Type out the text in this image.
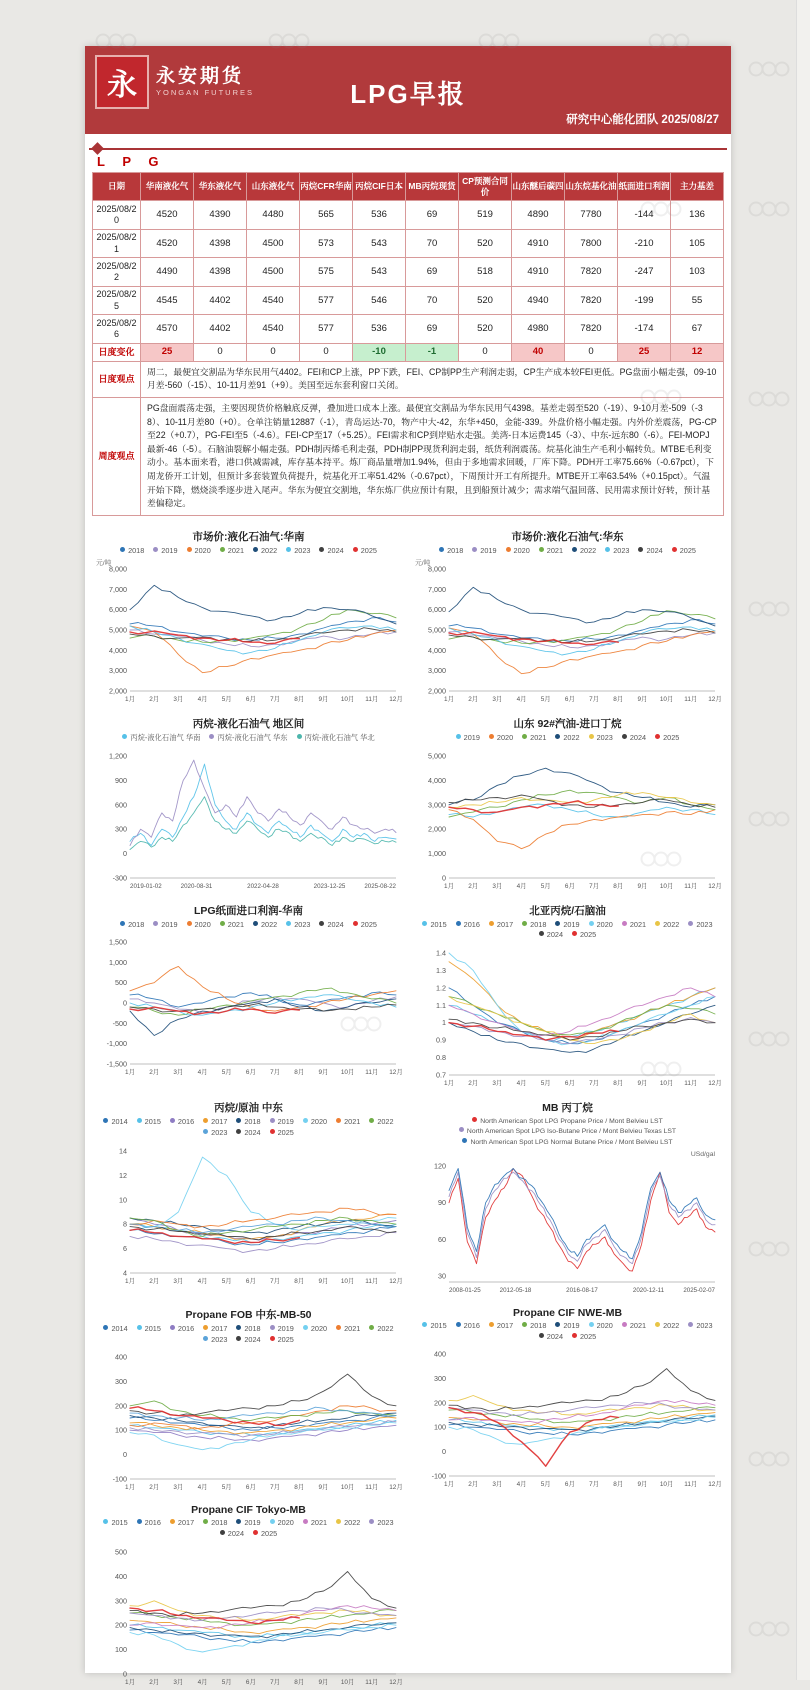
永	永安期货
YONGAN FUTURES	LPG早报
研究中心能化团队 2025/08/27
L P G
日期	华南液化气	华东液化气	山东液化气	丙烷CFR华南	丙烷CIF日本	MB丙烷现货	CP预测合同价	山东醚后碳四	山东烷基化油	纸面进口利润	主力基差
2025/08/20	4520	4390	4480	565	536	69	519	4890	7780	-144	136
2025/08/21	4520	4398	4500	573	543	70	520	4910	7800	-210	105
2025/08/22	4490	4398	4500	575	543	69	518	4910	7820	-247	103
2025/08/25	4545	4402	4540	577	546	70	520	4940	7820	-199	55
2025/08/26	4570	4402	4540	577	536	69	520	4980	7820	-174	67
日度变化	25	0	0	0	-10	-1	0	40	0	25	12
日度观点	周二，最便宜交割品为华东民用气4402。FEI和CP上涨，PP下跌，FEI、CP制PP生产利润走弱，CP生产成本较FEI更低。PG盘面小幅走强，09-10月差-560（-15）、10-11月差91（+9）。美国至远东套利窗口关闭。										
周度观点	PG盘面震荡走强，主要因现货价格触底反弹，叠加进口成本上涨。最便宜交割品为华东民用气4398。基差走弱至520（-19）、9-10月差-509（-38）、10-11月差80（+0）。仓单注销量12887（-1），青岛运达-70，物产中大-42，东华+450，金能-339。外盘价格小幅走强。内外价差震荡，PG-CP至22（+0.7），PG-FEI至5（-4.6）。FEI-CP至17（+5.25）。FEI需求和CP到岸贴水走强。美湾-日本运费145（-3）、中东-远东80（-6）。FEI-MOPJ最新-46（-5）。石脑油裂解小幅走强。PDH制丙烯毛利走强，PDH制PP现货利润走弱，纸货利润震荡。烷基化油生产毛利小幅转负。MTBE毛利变动小。基本面来看，港口供减需减，库存基本持平。炼厂商品量增加1.94%，但由于多地需求回暖，厂库下降。PDH开工率75.66%（-0.67pct），下周龙侨开工计划，但预计多套装置负荷提升，烷基化开工率51.42%（-0.67pct），下周预计开工有所提升。MTBE开工率63.54%（+0.15pct）。气温开始下降，燃烧淡季逐步进入尾声。华东为便宜交割地，华东炼厂供应预计有限，且到船预计减少；需求端气温回落、民用需求预计好转，预计基差偏稳定。										
市场价:液化石油气:华南
2018	2019	2020	2021	2022	2023	2024	2025
2,000
3,000
4,000
5,000
6,000
7,000
8,000
1月 2月 3月 4月 5月 6月 7月 8月 9月 10月 11月 12月
元/吨
市场价:液化石油气:华东
2018	2019	2020	2021	2022	2023	2024	2025
2,000
3,000
4,000
5,000
6,000
7,000
8,000
1月 2月 3月 4月 5月 6月 7月 8月 9月 10月 11月 12月
元/吨
丙烷-液化石油气 地区间
丙烷-液化石油气 华南	丙烷-液化石油气 华东	丙烷-液化石油气 华北
-300
0
300
600
900
1,200
2019-01-02	2020-08-31	2022-04-28	2023-12-25	2025-08-22
山东 92#汽油-进口丁烷
2019	2020	2021	2022	2023	2024	2025
0
1,000
2,000
3,000
4,000
5,000
1月 2月 3月 4月 5月 6月 7月 8月 9月 10月 11月 12月
LPG纸面进口利润-华南
2018	2019	2020	2021	2022	2023	2024	2025
-1,500
-1,000
-500
0
500
1,000
1,500
1月 2月 3月 4月 5月 6月 7月 8月 9月 10月 11月 12月
北亚丙烷/石脑油
2015	2016	2017	2018	2019	2020	2021	2022	2023
2024	2025
0.7
0.8
0.9
1
1.1
1.2
1.3
1.4
1月 2月 3月 4月 5月 6月 7月 8月 9月 10月 11月 12月
丙烷/原油 中东
2014	2015	2016	2017	2018	2019	2020	2021	2022
2023	2024	2025
4
6
8
10
12
14
1月 2月 3月 4月 5月 6月 7月 8月 9月 10月 11月 12月
MB 丙丁烷
North American Spot LPG Propane Price / Mont Belvieu LST
North American Spot LPG Iso-Butane Price / Mont Belvieu Texas LST
North American Spot LPG Normal Butane Price / Mont Belvieu LST
30
60
90
120
2008-01-25	2012-05-18	2016-08-17	2020-12-11	2025-02-07
USd/gal
Propane FOB 中东-MB-50
2014	2015	2016	2017	2018	2019	2020	2021	2022
2023	2024	2025
-100
0
100
200
300
400
1月 2月 3月 4月 5月 6月 7月 8月 9月 10月 11月 12月
Propane CIF NWE-MB
2015	2016	2017	2018	2019	2020	2021	2022	2023
2024	2025
-100
0
100
200
300
400
1月 2月 3月 4月 5月 6月 7月 8月 9月 10月 11月 12月
Propane CIF Tokyo-MB
2015	2016	2017	2018	2019	2020	2021	2022	2023
2024	2025
0
100
200
300
400
500
1月 2月 3月 4月 5月 6月 7月 8月 9月 10月 11月 12月
